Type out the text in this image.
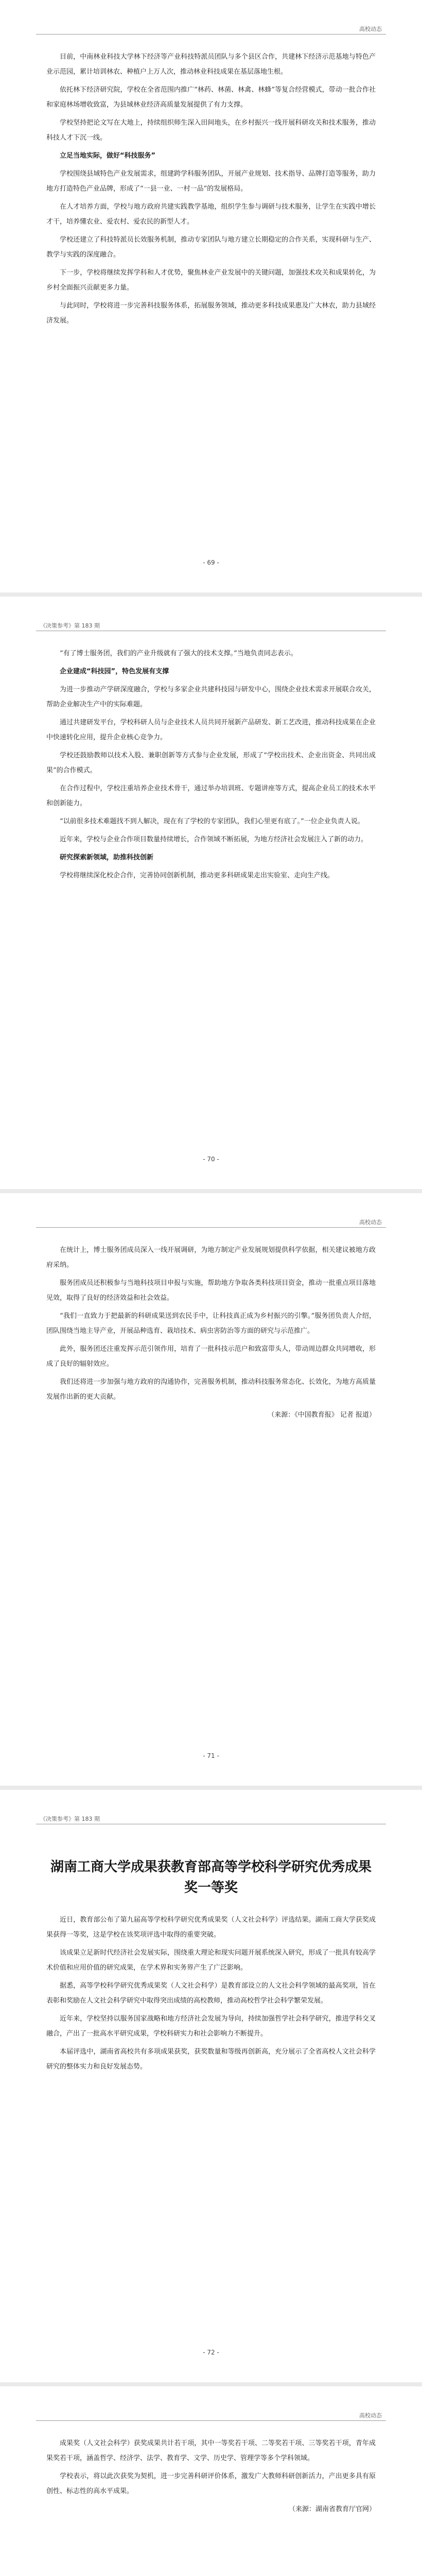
高校动态

目前，中南林业科技大学林下经济等产业科技特派员团队与多个县区合作，共建林下经济示范基地与特色产业示范园，累计培训林农、种植户上万人次，推动林业科技成果在基层落地生根。

依托林下经济研究院，学校在全省范围内推广“林药、林菌、林禽、林蜂”等复合经营模式，带动一批合作社和家庭林场增收致富，为县域林业经济高质量发展提供了有力支撑。

学校坚持把论文写在大地上，持续组织师生深入田间地头，在乡村振兴一线开展科研攻关和技术服务，推动科技人才下沉一线。

立足当地实际，做好“科技服务”

学校围绕县域特色产业发展需求，组建跨学科服务团队，开展产业规划、技术指导、品牌打造等服务，助力地方打造特色产业品牌，形成了“一县一业、一村一品”的发展格局。

在人才培养方面，学校与地方政府共建实践教学基地，组织学生参与调研与技术服务，让学生在实践中增长才干，培养懂农业、爱农村、爱农民的新型人才。

学校还建立了科技特派员长效服务机制，推动专家团队与地方建立长期稳定的合作关系，实现科研与生产、教学与实践的深度融合。

下一步，学校将继续发挥学科和人才优势，聚焦林业产业发展中的关键问题，加强技术攻关和成果转化，为乡村全面振兴贡献更多力量。

与此同时，学校将进一步完善科技服务体系，拓展服务领域，推动更多科技成果惠及广大林农，助力县域经济发展。

- 69 -
《决策参考》第 183 期

“有了博士服务团，我们的产业升级就有了强大的技术支撑。”当地负责同志表示。

企业建成“科技园”，特色发展有支撑

为进一步推动产学研深度融合，学校与多家企业共建科技园与研发中心，围绕企业技术需求开展联合攻关，帮助企业解决生产中的实际难题。

通过共建研发平台，学校科研人员与企业技术人员共同开展新产品研发、新工艺改进，推动科技成果在企业中快速转化应用，提升企业核心竞争力。

学校还鼓励教师以技术入股、兼职创新等方式参与企业发展，形成了“学校出技术、企业出资金、共同出成果”的合作模式。

在合作过程中，学校注重培养企业技术骨干，通过举办培训班、专题讲座等方式，提高企业员工的技术水平和创新能力。

“以前很多技术难题找不到人解决，现在有了学校的专家团队，我们心里更有底了。”一位企业负责人说。

近年来，学校与企业合作项目数量持续增长，合作领域不断拓展，为地方经济社会发展注入了新的动力。

研究探索新领域，助推科技创新

学校将继续深化校企合作，完善协同创新机制，推动更多科研成果走出实验室、走向生产线。

- 70 -
高校动态

在统计上，博士服务团成员深入一线开展调研，为地方制定产业发展规划提供科学依据，相关建议被地方政府采纳。

服务团成员还积极参与当地科技项目申报与实施，帮助地方争取各类科技项目资金，推动一批重点项目落地见效，取得了良好的经济效益和社会效益。

“我们一直致力于把最新的科研成果送到农民手中，让科技真正成为乡村振兴的引擎。”服务团负责人介绍，团队围绕当地主导产业，开展品种选育、栽培技术、病虫害防治等方面的研究与示范推广。

此外，服务团还注重发挥示范引领作用，培育了一批科技示范户和致富带头人，带动周边群众共同增收，形成了良好的辐射效应。

我们还将进一步加强与地方政府的沟通协作，完善服务机制，推动科技服务常态化、长效化，为地方高质量发展作出新的更大贡献。

（来源：《中国教育报》 记者 报道）

- 71 -
《决策参考》第 183 期
湖南工商大学成果获教育部高等学校科学研究优秀成果奖一等奖

近日，教育部公布了第九届高等学校科学研究优秀成果奖（人文社会科学）评选结果。湖南工商大学获奖成果获得一等奖，这是学校在该奖项评选中取得的重要突破。

该成果立足新时代经济社会发展实际，围绕重大理论和现实问题开展系统深入研究，形成了一批具有较高学术价值和应用价值的研究成果，在学术界和实务界产生了广泛影响。

据悉，高等学校科学研究优秀成果奖（人文社会科学）是教育部设立的人文社会科学领域的最高奖项，旨在表彰和奖励在人文社会科学研究中取得突出成绩的高校教师，推动高校哲学社会科学繁荣发展。

近年来，学校坚持以服务国家战略和地方经济社会发展为导向，持续加强哲学社会科学研究，推进学科交叉融合，产出了一批高水平研究成果，学校科研实力和社会影响力不断提升。

本届评选中，湖南省高校共有多项成果获奖，获奖数量和等级再创新高，充分展示了全省高校人文社会科学研究的整体实力和良好发展态势。

- 72 -
高校动态

成果奖（人文社会科学）获奖成果共计若干项，其中一等奖若干项、二等奖若干项、三等奖若干项，青年成果奖若干项，涵盖哲学、经济学、法学、教育学、文学、历史学、管理学等多个学科领域。

学校表示，将以此次获奖为契机，进一步完善科研评价体系，激发广大教师科研创新活力，产出更多具有原创性、标志性的高水平成果。

（来源：湖南省教育厅官网）
